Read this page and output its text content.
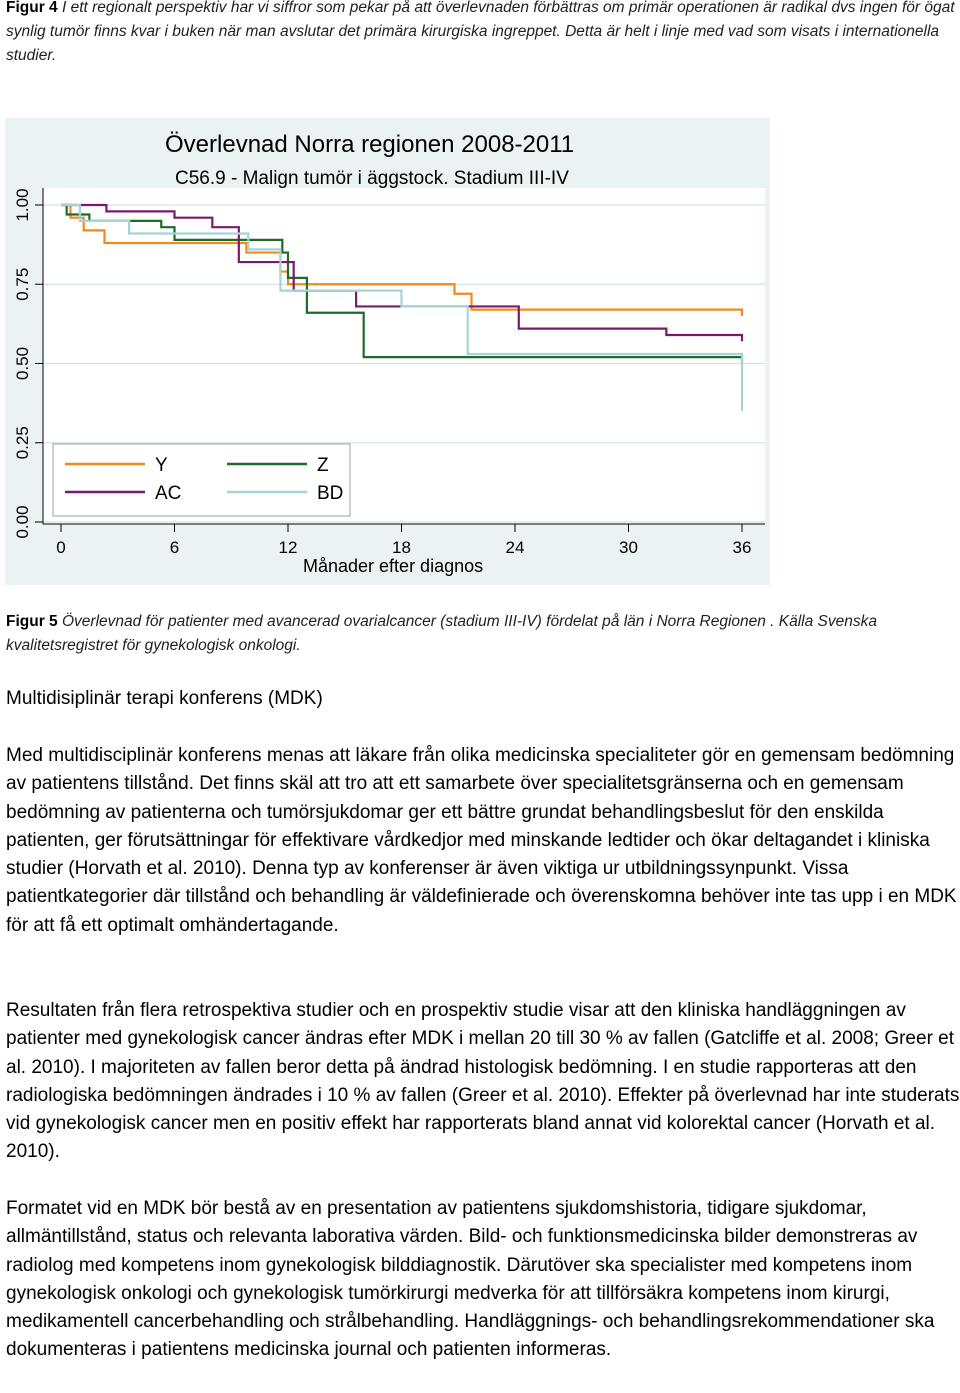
Figur 4 I ett regionalt perspektiv har vi siffror som pekar på att överlevnaden förbättras om primär operationen är radikal dvs ingen för ögat synlig tumör finns kvar i buken när man avslutar det primära kirurgiska ingreppet. Detta är helt i linje med vad som visats i internationella studier.

Överlevnad Norra regionen 2008-2011
C56.9 - Malign tumör i äggstock. Stadium III-IV
0.00
0.25
0.50
0.75
1.00
0	6	12	18	24	30	36
Månader efter diagnos
Y	Z
AC	BD

Figur 5 Överlevnad för patienter med avancerad ovarialcancer (stadium III-IV) fördelat på län i Norra Regionen . Källa Svenska kvalitetsregistret för gynekologisk onkologi.

Multidisiplinär terapi konferens (MDK)

Med multidisciplinär konferens menas att läkare från olika medicinska specialiteter gör en gemensam bedömning av patientens tillstånd. Det finns skäl att tro att ett samarbete över specialitetsgränserna och en gemensam bedömning av patienterna och tumörsjukdomar ger ett bättre grundat behandlingsbeslut för den enskilda patienten, ger förutsättningar för effektivare vårdkedjor med minskande ledtider och ökar deltagandet i kliniska studier (Horvath et al. 2010). Denna typ av konferenser är även viktiga ur utbildningssynpunkt. Vissa patientkategorier där tillstånd och behandling är väldefinierade och överenskomna behöver inte tas upp i en MDK för att få ett optimalt omhändertagande.

Resultaten från flera retrospektiva studier och en prospektiv studie visar att den kliniska handläggningen av patienter med gynekologisk cancer ändras efter MDK i mellan 20 till 30 % av fallen (Gatcliffe et al. 2008; Greer et al. 2010). I majoriteten av fallen beror detta på ändrad histologisk bedömning. I en studie rapporteras att den radiologiska bedömningen ändrades i 10 % av fallen (Greer et al. 2010). Effekter på överlevnad har inte studerats vid gynekologisk cancer men en positiv effekt har rapporterats bland annat vid kolorektal cancer (Horvath et al. 2010).

Formatet vid en MDK bör bestå av en presentation av patientens sjukdomshistoria, tidigare sjukdomar, allmäntillstånd, status och relevanta laborativa värden. Bild- och funktionsmedicinska bilder demonstreras av radiolog med kompetens inom gynekologisk bilddiagnostik. Därutöver ska specialister med kompetens inom gynekologisk onkologi och gynekologisk tumörkirurgi medverka för att tillförsäkra kompetens inom kirurgi, medikamentell cancerbehandling och strålbehandling. Handläggnings- och behandlingsrekommendationer ska dokumenteras i patientens medicinska journal och patienten informeras.
